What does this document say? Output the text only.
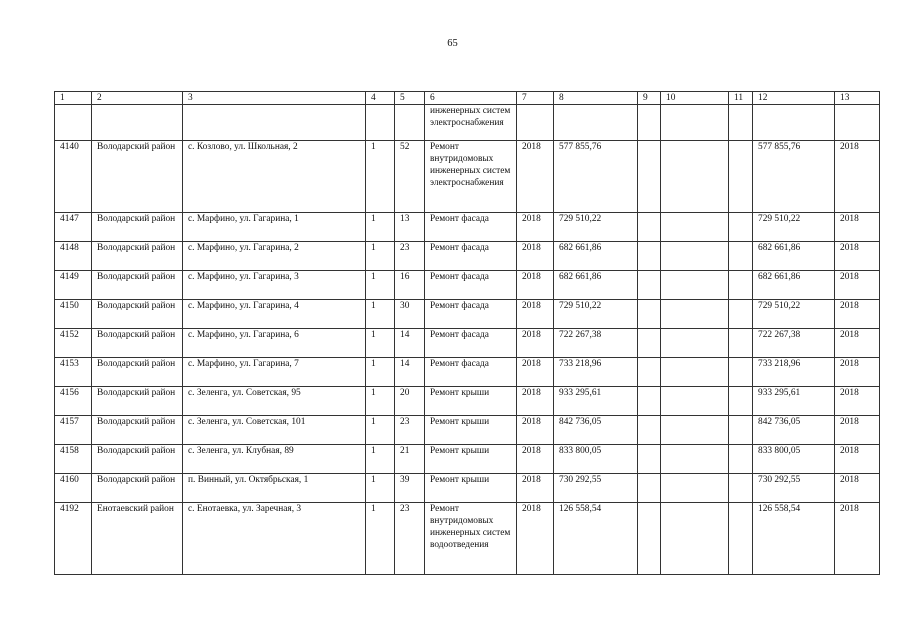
65
1	2	3	4	5	6	7	8	9	10	11	12	13
					инженерных систем электроснабжения							
4140	Володарский район	с. Козлово, ул. Школьная, 2	1	52	Ремонт внутридомовых инженерных систем электроснабжения	2018	577 855,76				577 855,76	2018
4147	Володарский район	с. Марфино, ул. Гагарина, 1	1	13	Ремонт фасада	2018	729 510,22				729 510,22	2018
4148	Володарский район	с. Марфино, ул. Гагарина, 2	1	23	Ремонт фасада	2018	682 661,86				682 661,86	2018
4149	Володарский район	с. Марфино, ул. Гагарина, 3	1	16	Ремонт фасада	2018	682 661,86				682 661,86	2018
4150	Володарский район	с. Марфино, ул. Гагарина, 4	1	30	Ремонт фасада	2018	729 510,22				729 510,22	2018
4152	Володарский район	с. Марфино, ул. Гагарина, 6	1	14	Ремонт фасада	2018	722 267,38				722 267,38	2018
4153	Володарский район	с. Марфино, ул. Гагарина, 7	1	14	Ремонт фасада	2018	733 218,96				733 218,96	2018
4156	Володарский район	с. Зеленга, ул. Советская, 95	1	20	Ремонт крыши	2018	933 295,61				933 295,61	2018
4157	Володарский район	с. Зеленга, ул. Советская, 101	1	23	Ремонт крыши	2018	842 736,05				842 736,05	2018
4158	Володарский район	с. Зеленга, ул. Клубная, 89	1	21	Ремонт крыши	2018	833 800,05				833 800,05	2018
4160	Володарский район	п. Винный, ул. Октябрьская, 1	1	39	Ремонт крыши	2018	730 292,55				730 292,55	2018
4192	Енотаевский район	с. Енотаевка, ул. Заречная, 3	1	23	Ремонт внутридомовых инженерных систем водоотведения	2018	126 558,54				126 558,54	2018
